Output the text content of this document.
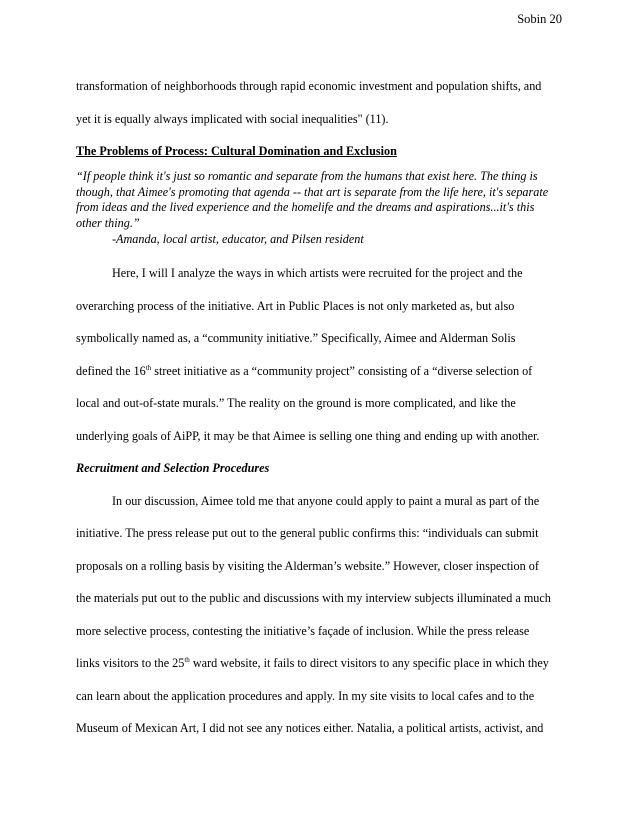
Sobin 20

transformation of neighborhoods through rapid economic investment and population shifts, and

yet it is equally always implicated with social inequalities" (11).

The Problems of Process: Cultural Domination and Exclusion

“If people think it's just so romantic and separate from the humans that exist here. The thing is
though, that Aimee's promoting that agenda -- that art is separate from the life here, it's separate
from ideas and the lived experience and the homelife and the dreams and aspirations...it's this
other thing.”
-Amanda, local artist, educator, and Pilsen resident

Here, I will I analyze the ways in which artists were recruited for the project and the

overarching process of the initiative. Art in Public Places is not only marketed as, but also

symbolically named as, a “community initiative.” Specifically, Aimee and Alderman Solis

defined the 16th street initiative as a “community project” consisting of a “diverse selection of

local and out-of-state murals.” The reality on the ground is more complicated, and like the

underlying goals of AiPP, it may be that Aimee is selling one thing and ending up with another.

Recruitment and Selection Procedures

In our discussion, Aimee told me that anyone could apply to paint a mural as part of the

initiative. The press release put out to the general public confirms this: “individuals can submit

proposals on a rolling basis by visiting the Alderman’s website.” However, closer inspection of

the materials put out to the public and discussions with my interview subjects illuminated a much

more selective process, contesting the initiative’s façade of inclusion. While the press release

links visitors to the 25th ward website, it fails to direct visitors to any specific place in which they

can learn about the application procedures and apply. In my site visits to local cafes and to the

Museum of Mexican Art, I did not see any notices either. Natalia, a political artists, activist, and
